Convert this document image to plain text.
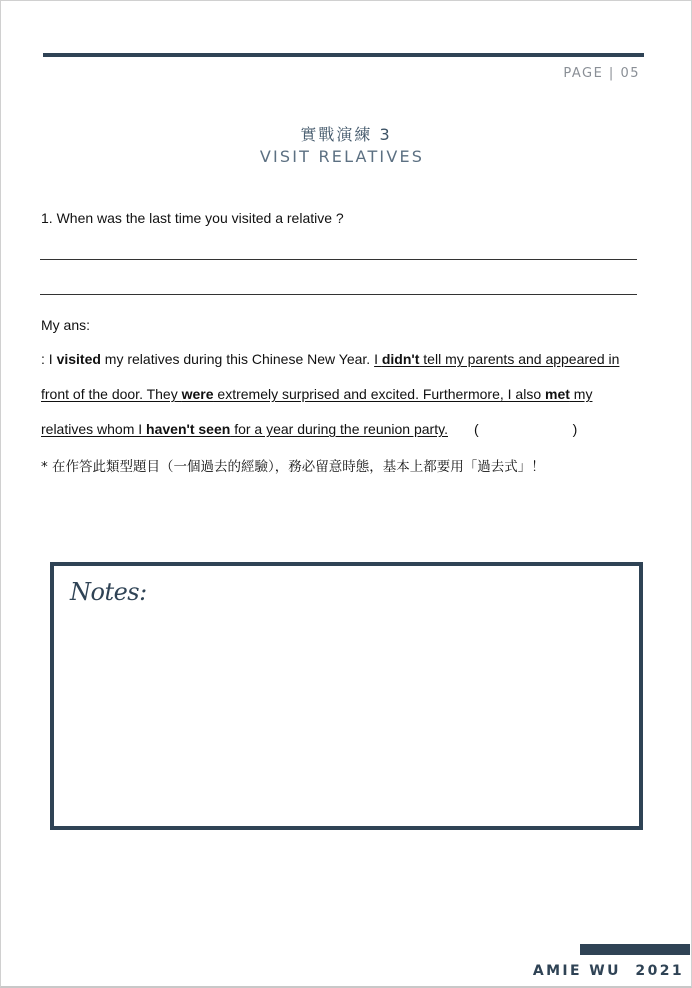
PAGE | 05
實戰演練 3
VISIT RELATIVES
1. When was the last time you visited a relative ?
My ans:
: I visited my relatives during this Chinese New Year. I didn't tell my parents and appeared in
front of the door. They were extremely surprised and excited. Furthermore, I also met my
relatives whom I haven't seen for a year during the reunion party. (	)
* 在作答此類型題目（一個過去的經驗），務必留意時態，基本上都要用「過去式」！
Notes:
AMIE WU  2021
